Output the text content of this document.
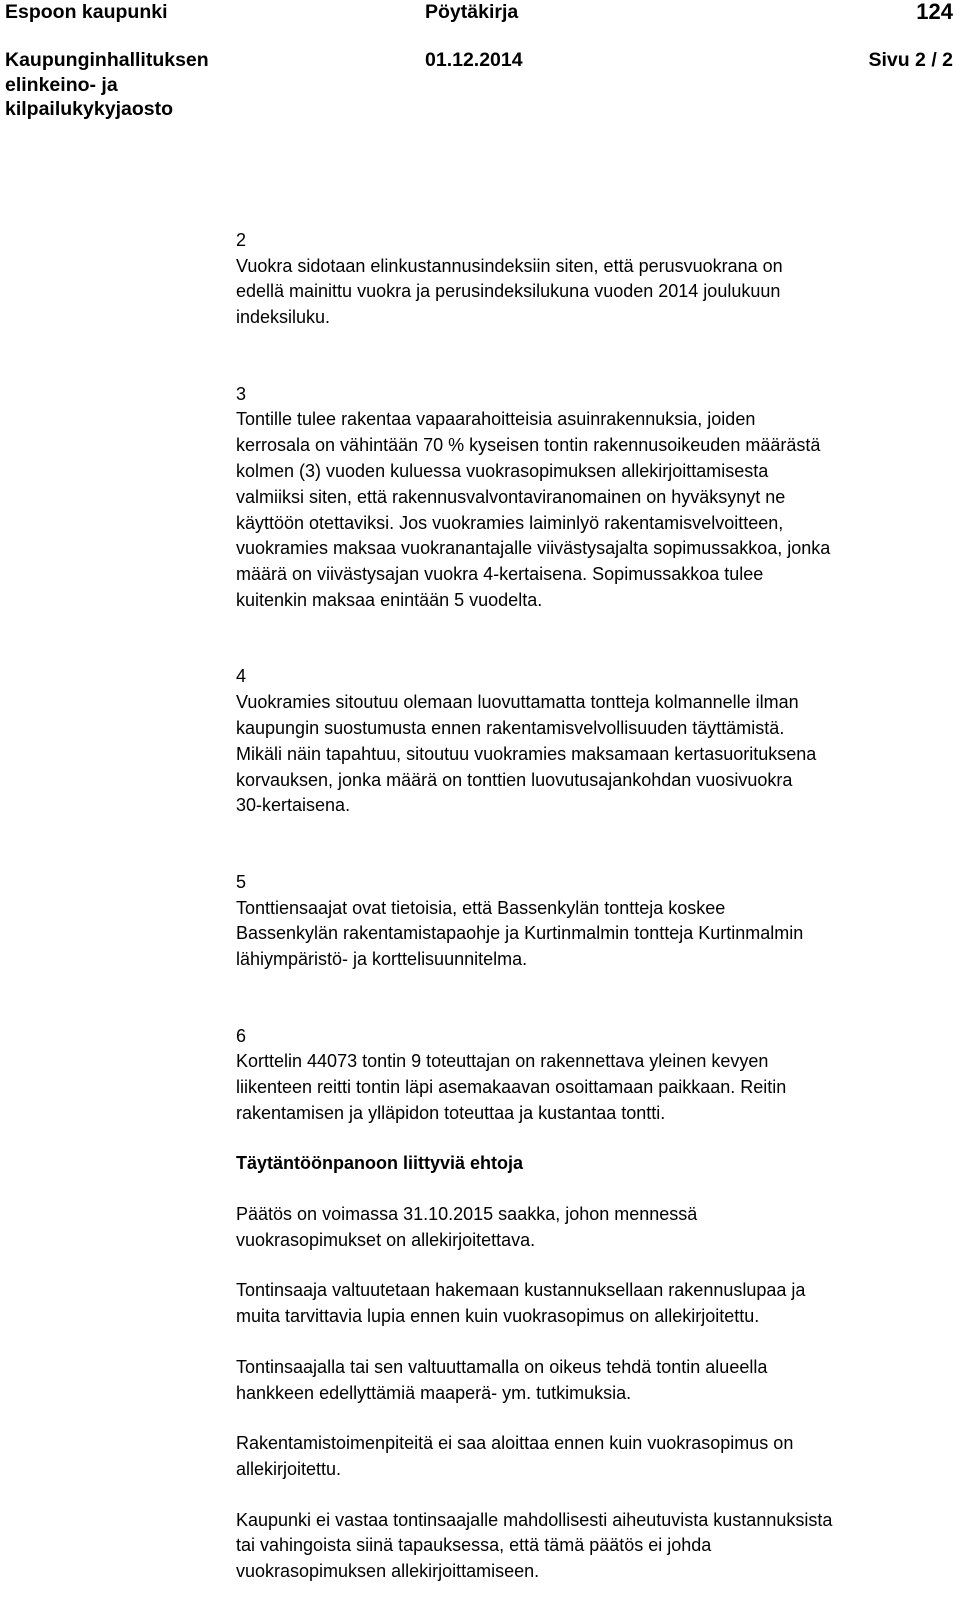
Espoon kaupunki	Pöytäkirja	124
Kaupunginhallituksen elinkeino- ja kilpailukykyjaosto
01.12.2014	Sivu 2 / 2

2
Vuokra sidotaan elinkustannusindeksiin siten, että perusvuokrana on
edellä mainittu vuokra ja perusindeksilukuna vuoden 2014 joulukuun
indeksiluku.

3
Tontille tulee rakentaa vapaarahoitteisia asuinrakennuksia, joiden
kerrosala on vähintään 70 % kyseisen tontin rakennusoikeuden määrästä
kolmen (3) vuoden kuluessa vuokrasopimuksen allekirjoittamisesta
valmiiksi siten, että rakennusvalvontaviranomainen on hyväksynyt ne
käyttöön otettaviksi. Jos vuokramies laiminlyö rakentamisvelvoitteen,
vuokramies maksaa vuokranantajalle viivästysajalta sopimussakkoa, jonka
määrä on viivästysajan vuokra 4-kertaisena. Sopimussakkoa tulee
kuitenkin maksaa enintään 5 vuodelta.

4
Vuokramies sitoutuu olemaan luovuttamatta tontteja kolmannelle ilman
kaupungin suostumusta ennen rakentamisvelvollisuuden täyttämistä.
Mikäli näin tapahtuu, sitoutuu vuokramies maksamaan kertasuorituksena
korvauksen, jonka määrä on tonttien luovutusajankohdan vuosivuokra
30-kertaisena.

5
Tonttiensaajat ovat tietoisia, että Bassenkylän tontteja koskee
Bassenkylän rakentamistapaohje ja Kurtinmalmin tontteja Kurtinmalmin
lähiympäristö- ja korttelisuunnitelma.

6
Korttelin 44073 tontin 9 toteuttajan on rakennettava yleinen kevyen
liikenteen reitti tontin läpi asemakaavan osoittamaan paikkaan. Reitin
rakentamisen ja ylläpidon toteuttaa ja kustantaa tontti.

Täytäntöönpanoon liittyviä ehtoja
Päätös on voimassa 31.10.2015 saakka, johon mennessä
vuokrasopimukset on allekirjoitettava.
Tontinsaaja valtuutetaan hakemaan kustannuksellaan rakennuslupaa ja
muita tarvittavia lupia ennen kuin vuokrasopimus on allekirjoitettu.
Tontinsaajalla tai sen valtuuttamalla on oikeus tehdä tontin alueella
hankkeen edellyttämiä maaperä- ym. tutkimuksia.
Rakentamistoimenpiteitä ei saa aloittaa ennen kuin vuokrasopimus on
allekirjoitettu.
Kaupunki ei vastaa tontinsaajalle mahdollisesti aiheutuvista kustannuksista
tai vahingoista siinä tapauksessa, että tämä päätös ei johda
vuokrasopimuksen allekirjoittamiseen.
